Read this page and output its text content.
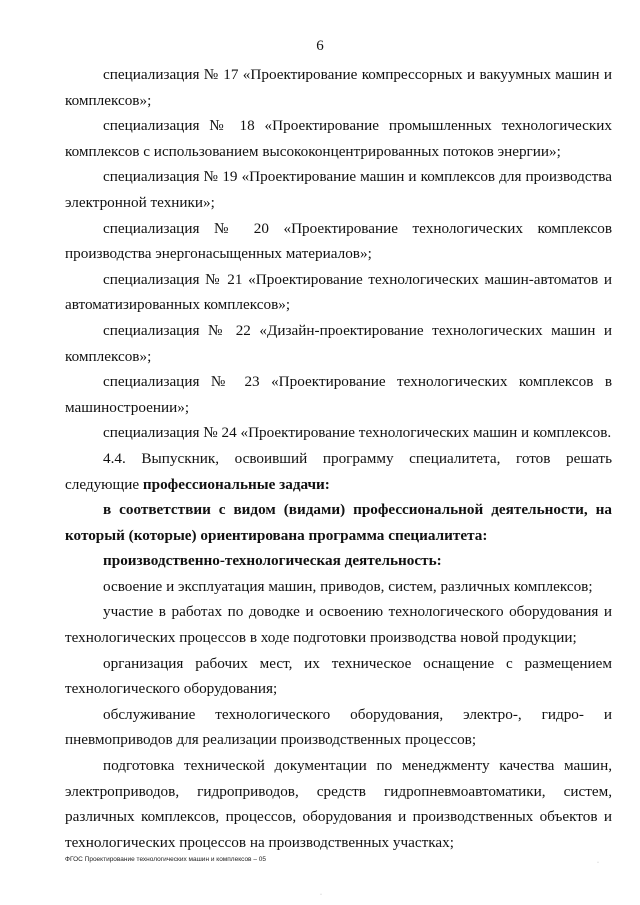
6

специализация № 17 «Проектирование компрессорных и вакуумных машин и комплексов»;

специализация № 18 «Проектирование промышленных технологических комплексов с использованием высококонцентрированных потоков энергии»;

специализация № 19 «Проектирование машин и комплексов для производства электронной техники»;

специализация № 20 «Проектирование технологических комплексов производства энергонасыщенных материалов»;

специализация № 21 «Проектирование технологических машин-автоматов и автоматизированных комплексов»;

специализация № 22 «Дизайн-проектирование технологических машин и комплексов»;

специализация № 23 «Проектирование технологических комплексов в машиностроении»;

специализация № 24 «Проектирование технологических машин и комплексов.

4.4. Выпускник, освоивший программу специалитета, готов решать следующие профессиональные задачи:

в соответствии с видом (видами) профессиональной деятельности, на который (которые) ориентирована программа специалитета:

производственно-технологическая деятельность:

освоение и эксплуатация машин, приводов, систем, различных комплексов;

участие в работах по доводке и освоению технологического оборудования и технологических процессов в ходе подготовки производства новой продукции;

организация рабочих мест, их техническое оснащение с размещением технологического оборудования;

обслуживание технологического оборудования, электро-, гидро- и пневмоприводов для реализации производственных процессов;

подготовка технической документации по менеджменту качества машин, электроприводов, гидроприводов, средств гидропневмоавтоматики, систем, различных комплексов, процессов, оборудования и производственных объектов и технологических процессов на производственных участках;

ФГОС Проектирование технологических машин и комплексов – 05	·
·
